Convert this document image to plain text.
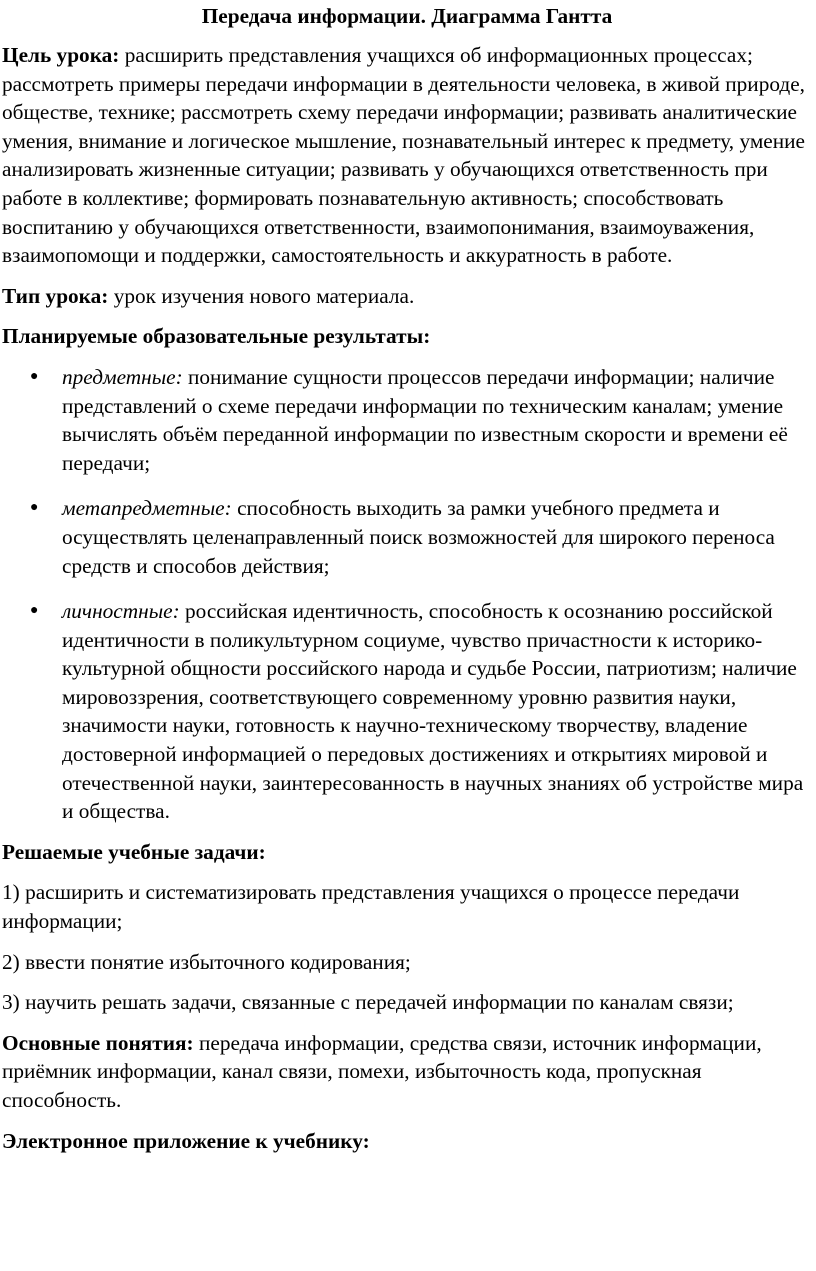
Передача информации. Диаграмма Гантта

Цель урока: расширить представления учащихся об информационных процессах; рассмотреть примеры передачи информации в деятельности человека, в живой природе, обществе, технике; рассмотреть схему передачи информации; развивать аналитические умения, внимание и логическое мышление, познавательный интерес к предмету, умение анализировать жизненные ситуации; развивать у обучающихся ответственность при работе в коллективе; формировать познавательную активность; способствовать воспитанию у обучающихся ответственности, взаимопонимания, взаимоуважения, взаимопомощи и поддержки, самостоятельность и аккуратность в работе.

Тип урока: урок изучения нового материала.

Планируемые образовательные результаты:

● предметные: понимание сущности процессов передачи информации; наличие представлений о схеме передачи информации по техническим каналам; умение вычислять объём переданной информации по известным скорости и времени её передачи;
● метапредметные: способность выходить за рамки учебного предмета и осуществлять целенаправленный поиск возможностей для широкого переноса средств и способов действия;
● личностные: российская идентичность, способность к осознанию российской идентичности в поликультурном социуме, чувство причастности к историко-культурной общности российского народа и судьбе России, патриотизм; наличие мировоззрения, соответствующего современному уровню развития науки, значимости науки, готовность к научно-техническому творчеству, владение достоверной информацией о передовых достижениях и открытиях мировой и отечественной науки, заинтересованность в научных знаниях об устройстве мира и общества.

Решаемые учебные задачи:

1) расширить и систематизировать представления учащихся о процессе передачи информации;

2) ввести понятие избыточного кодирования;

3) научить решать задачи, связанные с передачей информации по каналам связи;

Основные понятия: передача информации, средства связи, источник информации, приёмник информации, канал связи, помехи, избыточность кода, пропускная способность.

Электронное приложение к учебнику:
